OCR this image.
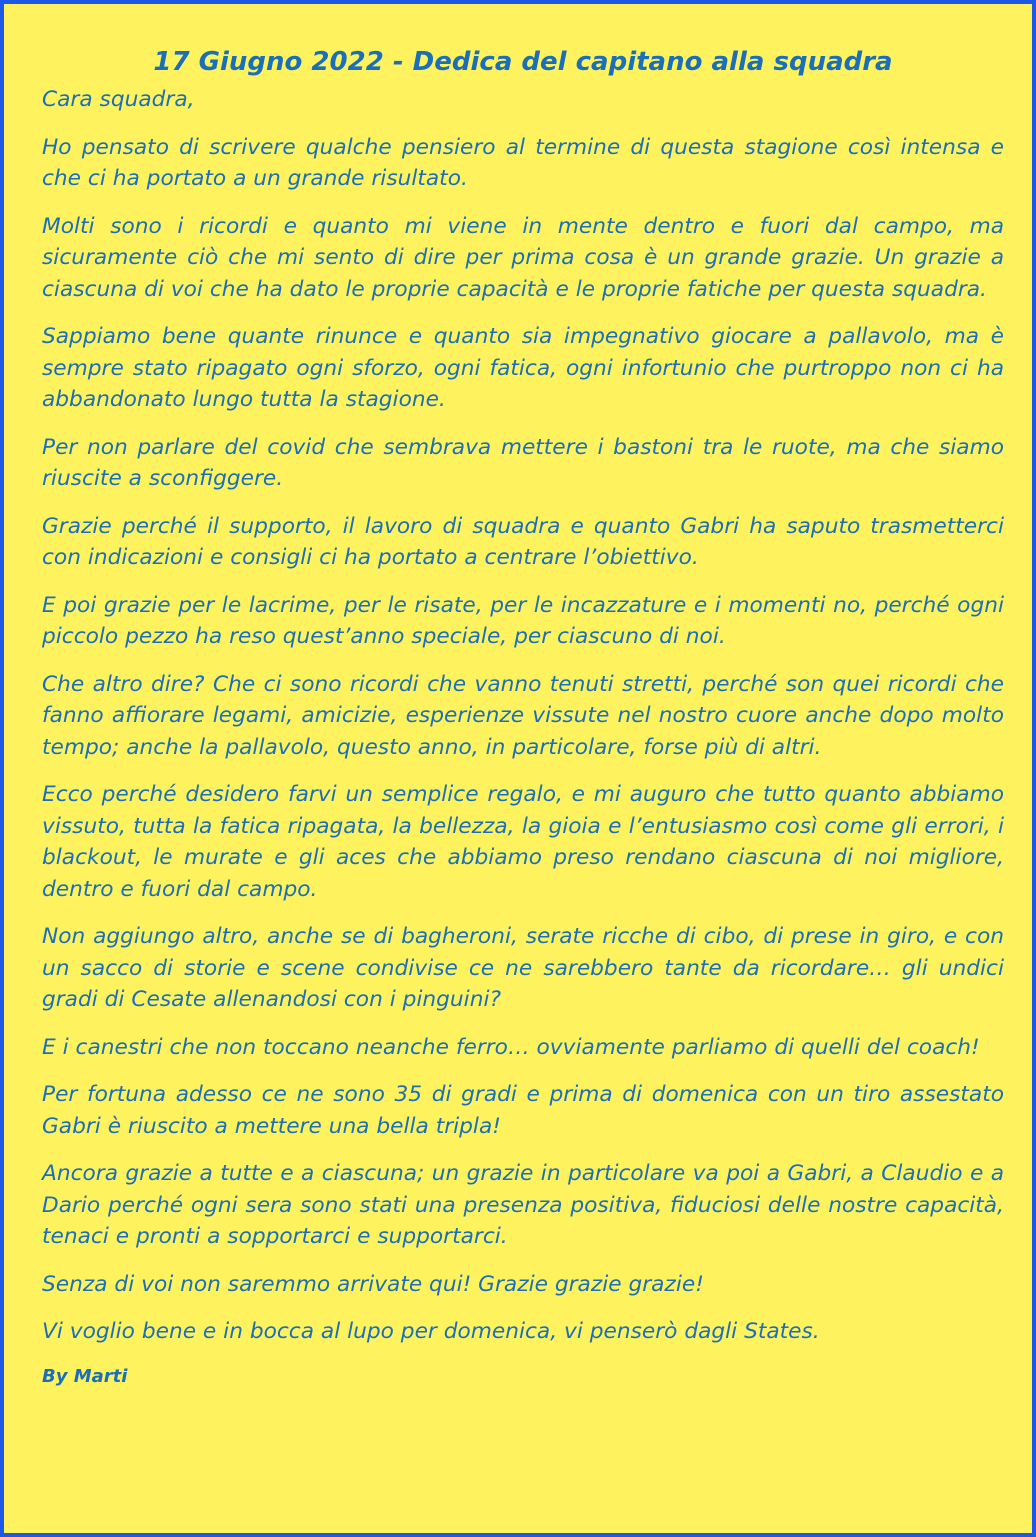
17 Giugno 2022 - Dedica del capitano alla squadra

Cara squadra,

Ho pensato di scrivere qualche pensiero al termine di questa stagione così intensa e che ci ha portato a un grande risultato.

Molti sono i ricordi e quanto mi viene in mente dentro e fuori dal campo, ma sicuramente ciò che mi sento di dire per prima cosa è un grande grazie. Un grazie a ciascuna di voi che ha dato le proprie capacità e le proprie fatiche per questa squadra.

Sappiamo bene quante rinunce e quanto sia impegnativo giocare a pallavolo, ma è sempre stato ripagato ogni sforzo, ogni fatica, ogni infortunio che purtroppo non ci ha abbandonato lungo tutta la stagione.

Per non parlare del covid che sembrava mettere i bastoni tra le ruote, ma che siamo riuscite a sconfiggere.

Grazie perché il supporto, il lavoro di squadra e quanto Gabri ha saputo trasmetterci con indicazioni e consigli ci ha portato a centrare l’obiettivo.

E poi grazie per le lacrime, per le risate, per le incazzature e i momenti no, perché ogni piccolo pezzo ha reso quest’anno speciale, per ciascuno di noi.

Che altro dire? Che ci sono ricordi che vanno tenuti stretti, perché son quei ricordi che fanno affiorare legami, amicizie, esperienze vissute nel nostro cuore anche dopo molto tempo; anche la pallavolo, questo anno, in particolare, forse più di altri.

Ecco perché desidero farvi un semplice regalo, e mi auguro che tutto quanto abbiamo vissuto, tutta la fatica ripagata, la bellezza, la gioia e l’entusiasmo così come gli errori, i blackout, le murate e gli aces che abbiamo preso rendano ciascuna di noi migliore, dentro e fuori dal campo.

Non aggiungo altro, anche se di bagheroni, serate ricche di cibo, di prese in giro, e con un sacco di storie e scene condivise ce ne sarebbero tante da ricordare… gli undici gradi di Cesate allenandosi con i pinguini?

E i canestri che non toccano neanche ferro… ovviamente parliamo di quelli del coach!

Per fortuna adesso ce ne sono 35 di gradi e prima di domenica con un tiro assestato Gabri è riuscito a mettere una bella tripla!

Ancora grazie a tutte e a ciascuna; un grazie in particolare va poi a Gabri, a Claudio e a Dario perché ogni sera sono stati una presenza positiva, fiduciosi delle nostre capacità, tenaci e pronti a sopportarci e supportarci.

Senza di voi non saremmo arrivate qui! Grazie grazie grazie!

Vi voglio bene e in bocca al lupo per domenica, vi penserò dagli States.

By Marti
